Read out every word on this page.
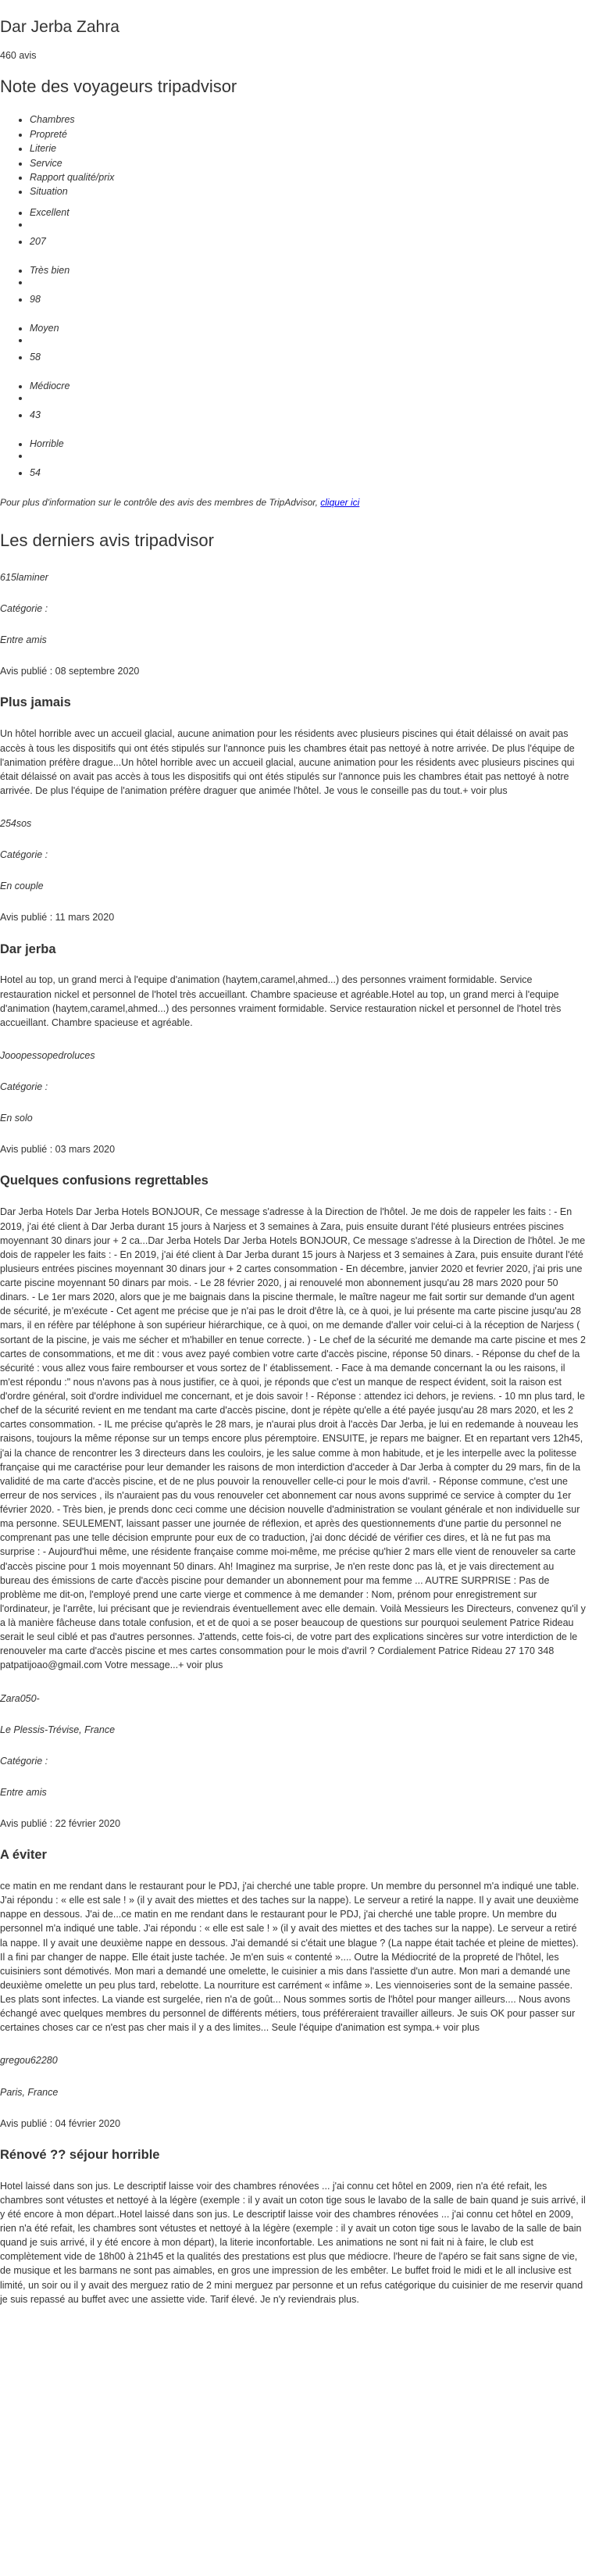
Dar Jerba Zahra

460 avis

Note des voyageurs tripadvisor
• Chambres
• Propreté
• Literie
• Service
• Rapport qualité/prix
• Situation
• Excellent
•
• 207
• Très bien
•
• 98
• Moyen
•
• 58
• Médiocre
•
• 43
• Horrible
•
• 54

Pour plus d'information sur le contrôle des avis des membres de TripAdvisor, cliquer ici

Les derniers avis tripadvisor

615laminer

Catégorie :

Entre amis

Avis publié : 08 septembre 2020

Plus jamais

Un hôtel horrible avec un accueil glacial, aucune animation pour les résidents avec plusieurs piscines qui était délaissé on avait pas accès à tous les dispositifs qui ont étés stipulés sur l'annonce puis les chambres était pas nettoyé à notre arrivée. De plus l'équipe de l'animation préfère drague...Un hôtel horrible avec un accueil glacial, aucune animation pour les résidents avec plusieurs piscines qui était délaissé on avait pas accès à tous les dispositifs qui ont étés stipulés sur l'annonce puis les chambres était pas nettoyé à notre arrivée. De plus l'équipe de l'animation préfère draguer que animée l'hôtel. Je vous le conseille pas du tout.+ voir plus

254sos

Catégorie :

En couple

Avis publié : 11 mars 2020

Dar jerba

Hotel au top, un grand merci à l'equipe d'animation (haytem,caramel,ahmed...) des personnes vraiment formidable. Service restauration nickel et personnel de l'hotel très accueillant. Chambre spacieuse et agréable.Hotel au top, un grand merci à l'equipe d'animation (haytem,caramel,ahmed...) des personnes vraiment formidable. Service restauration nickel et personnel de l'hotel très accueillant. Chambre spacieuse et agréable.

Jooopessopedroluces

Catégorie :

En solo

Avis publié : 03 mars 2020

Quelques confusions regrettables

Dar Jerba Hotels Dar Jerba Hotels BONJOUR, Ce message s'adresse à la Direction de l'hôtel. Je me dois de rappeler les faits : - En 2019, j'ai été client à Dar Jerba durant 15 jours à Narjess et 3 semaines à Zara, puis ensuite durant l'été plusieurs entrées piscines moyennant 30 dinars jour + 2 ca...Dar Jerba Hotels Dar Jerba Hotels BONJOUR, Ce message s'adresse à la Direction de l'hôtel. Je me dois de rappeler les faits : - En 2019, j'ai été client à Dar Jerba durant 15 jours à Narjess et 3 semaines à Zara, puis ensuite durant l'été plusieurs entrées piscines moyennant 30 dinars jour + 2 cartes consommation - En décembre, janvier 2020 et fevrier 2020, j'ai pris une carte piscine moyennant 50 dinars par mois. - Le 28 février 2020, j ai renouvelé mon abonnement jusqu'au 28 mars 2020 pour 50 dinars. - Le 1er mars 2020, alors que je me baignais dans la piscine thermale, le maître nageur me fait sortir sur demande d'un agent de sécurité, je m'exécute - Cet agent me précise que je n'ai pas le droit d'être là, ce à quoi, je lui présente ma carte piscine jusqu'au 28 mars, il en réfère par téléphone à son supérieur hiérarchique, ce à quoi, on me demande d'aller voir celui-ci à la réception de Narjess ( sortant de la piscine, je vais me sécher et m'habiller en tenue correcte. ) - Le chef de la sécurité me demande ma carte piscine et mes 2 cartes de consommations, et me dit : vous avez payé combien votre carte d'accès piscine, réponse 50 dinars. - Réponse du chef de la sécurité : vous allez vous faire rembourser et vous sortez de l' établissement. - Face à ma demande concernant la ou les raisons, il m'est répondu :" nous n'avons pas à nous justifier, ce à quoi, je réponds que c'est un manque de respect évident, soit la raison est d'ordre général, soit d'ordre individuel me concernant, et je dois savoir ! - Réponse : attendez ici dehors, je reviens. - 10 mn plus tard, le chef de la sécurité revient en me tendant ma carte d'accès piscine, dont je répète qu'elle a été payée jusqu'au 28 mars 2020, et les 2 cartes consommation. - IL me précise qu'après le 28 mars, je n'aurai plus droit à l'accès Dar Jerba, je lui en redemande à nouveau les raisons, toujours la même réponse sur un temps encore plus péremptoire. ENSUITE, je repars me baigner. Et en repartant vers 12h45, j'ai la chance de rencontrer les 3 directeurs dans les couloirs, je les salue comme à mon habitude, et je les interpelle avec la politesse française qui me caractérise pour leur demander les raisons de mon interdiction d'acceder à Dar Jerba à compter du 29 mars, fin de la validité de ma carte d'accès piscine, et de ne plus pouvoir la renouveller celle-ci pour le mois d'avril. - Réponse commune, c'est une erreur de nos services , ils n'auraient pas du vous renouveler cet abonnement car nous avons supprimé ce service à compter du 1er février 2020. - Très bien, je prends donc ceci comme une décision nouvelle d'administration se voulant générale et non individuelle sur ma personne. SEULEMENT, laissant passer une journée de réflexion, et après des questionnements d'une partie du personnel ne comprenant pas une telle décision emprunte pour eux de co traduction, j'ai donc décidé de vérifier ces dires, et là ne fut pas ma surprise : - Aujourd'hui même, une résidente française comme moi-même, me précise qu'hier 2 mars elle vient de renouveler sa carte d'accès piscine pour 1 mois moyennant 50 dinars. Ah! Imaginez ma surprise, Je n'en reste donc pas là, et je vais directement au bureau des émissions de carte d'accès piscine pour demander un abonnement pour ma femme ... AUTRE SURPRISE : Pas de problème me dit-on, l'employé prend une carte vierge et commence à me demander : Nom, prénom pour enregistrement sur l'ordinateur, je l'arrête, lui précisant que je reviendrais éventuellement avec elle demain. Voilà Messieurs les Directeurs, convenez qu'il y a là manière fâcheuse dans totale confusion, et et de quoi a se poser beaucoup de questions sur pourquoi seulement Patrice Rideau serait le seul ciblé et pas d'autres personnes. J'attends, cette fois-ci, de votre part des explications sincères sur votre interdiction de le renouveler ma carte d'accès piscine et mes cartes consommation pour le mois d'avril ? Cordialement Patrice Rideau 27 170 348 patpatijoao@gmail.com Votre message...+ voir plus

Zara050-

Le Plessis-Trévise, France

Catégorie :

Entre amis

Avis publié : 22 février 2020

A éviter

ce matin en me rendant dans le restaurant pour le PDJ, j'ai cherché une table propre. Un membre du personnel m'a indiqué une table. J'ai répondu : « elle est sale ! » (il y avait des miettes et des taches sur la nappe). Le serveur a retiré la nappe. Il y avait une deuxième nappe en dessous. J'ai de...ce matin en me rendant dans le restaurant pour le PDJ, j'ai cherché une table propre. Un membre du personnel m'a indiqué une table. J'ai répondu : « elle est sale ! » (il y avait des miettes et des taches sur la nappe). Le serveur a retiré la nappe. Il y avait une deuxième nappe en dessous. J'ai demandé si c'était une blague ? (La nappe était tachée et pleine de miettes). Il a fini par changer de nappe. Elle était juste tachée. Je m'en suis « contenté ».... Outre la Médiocrité de la propreté de l'hôtel, les cuisiniers sont démotivés. Mon mari a demandé une omelette, le cuisinier a mis dans l'assiette d'un autre. Mon mari a demandé une deuxième omelette un peu plus tard, rebelotte. La nourriture est carrément « infâme ». Les viennoiseries sont de la semaine passée. Les plats sont infectes. La viande est surgelée, rien n'a de goût... Nous sommes sortis de l'hôtel pour manger ailleurs.... Nous avons échangé avec quelques membres du personnel de différents métiers, tous préféreraient travailler ailleurs. Je suis OK pour passer sur certaines choses car ce n'est pas cher mais il y a des limites... Seule l'équipe d'animation est sympa.+ voir plus

gregou62280

Paris, France

Avis publié : 04 février 2020

Rénové ?? séjour horrible

Hotel laissé dans son jus. Le descriptif laisse voir des chambres rénovées ... j'ai connu cet hôtel en 2009, rien n'a été refait, les chambres sont vétustes et nettoyé à la légère (exemple : il y avait un coton tige sous le lavabo de la salle de bain quand je suis arrivé, il y été encore à mon départ..Hotel laissé dans son jus. Le descriptif laisse voir des chambres rénovées ... j'ai connu cet hôtel en 2009, rien n'a été refait, les chambres sont vétustes et nettoyé à la légère (exemple : il y avait un coton tige sous le lavabo de la salle de bain quand je suis arrivé, il y été encore à mon départ), la literie inconfortable. Les animations ne sont ni fait ni à faire, le club est complètement vide de 18h00 à 21h45 et la qualités des prestations est plus que médiocre. l'heure de l'apéro se fait sans signe de vie, de musique et les barmans ne sont pas aimables, en gros une impression de les embêter. Le buffet froid le midi et le all inclusive est limité, un soir ou il y avait des merguez ratio de 2 mini merguez par personne et un refus catégorique du cuisinier de me reservir quand je suis repassé au buffet avec une assiette vide. Tarif élevé. Je n'y reviendrais plus.
